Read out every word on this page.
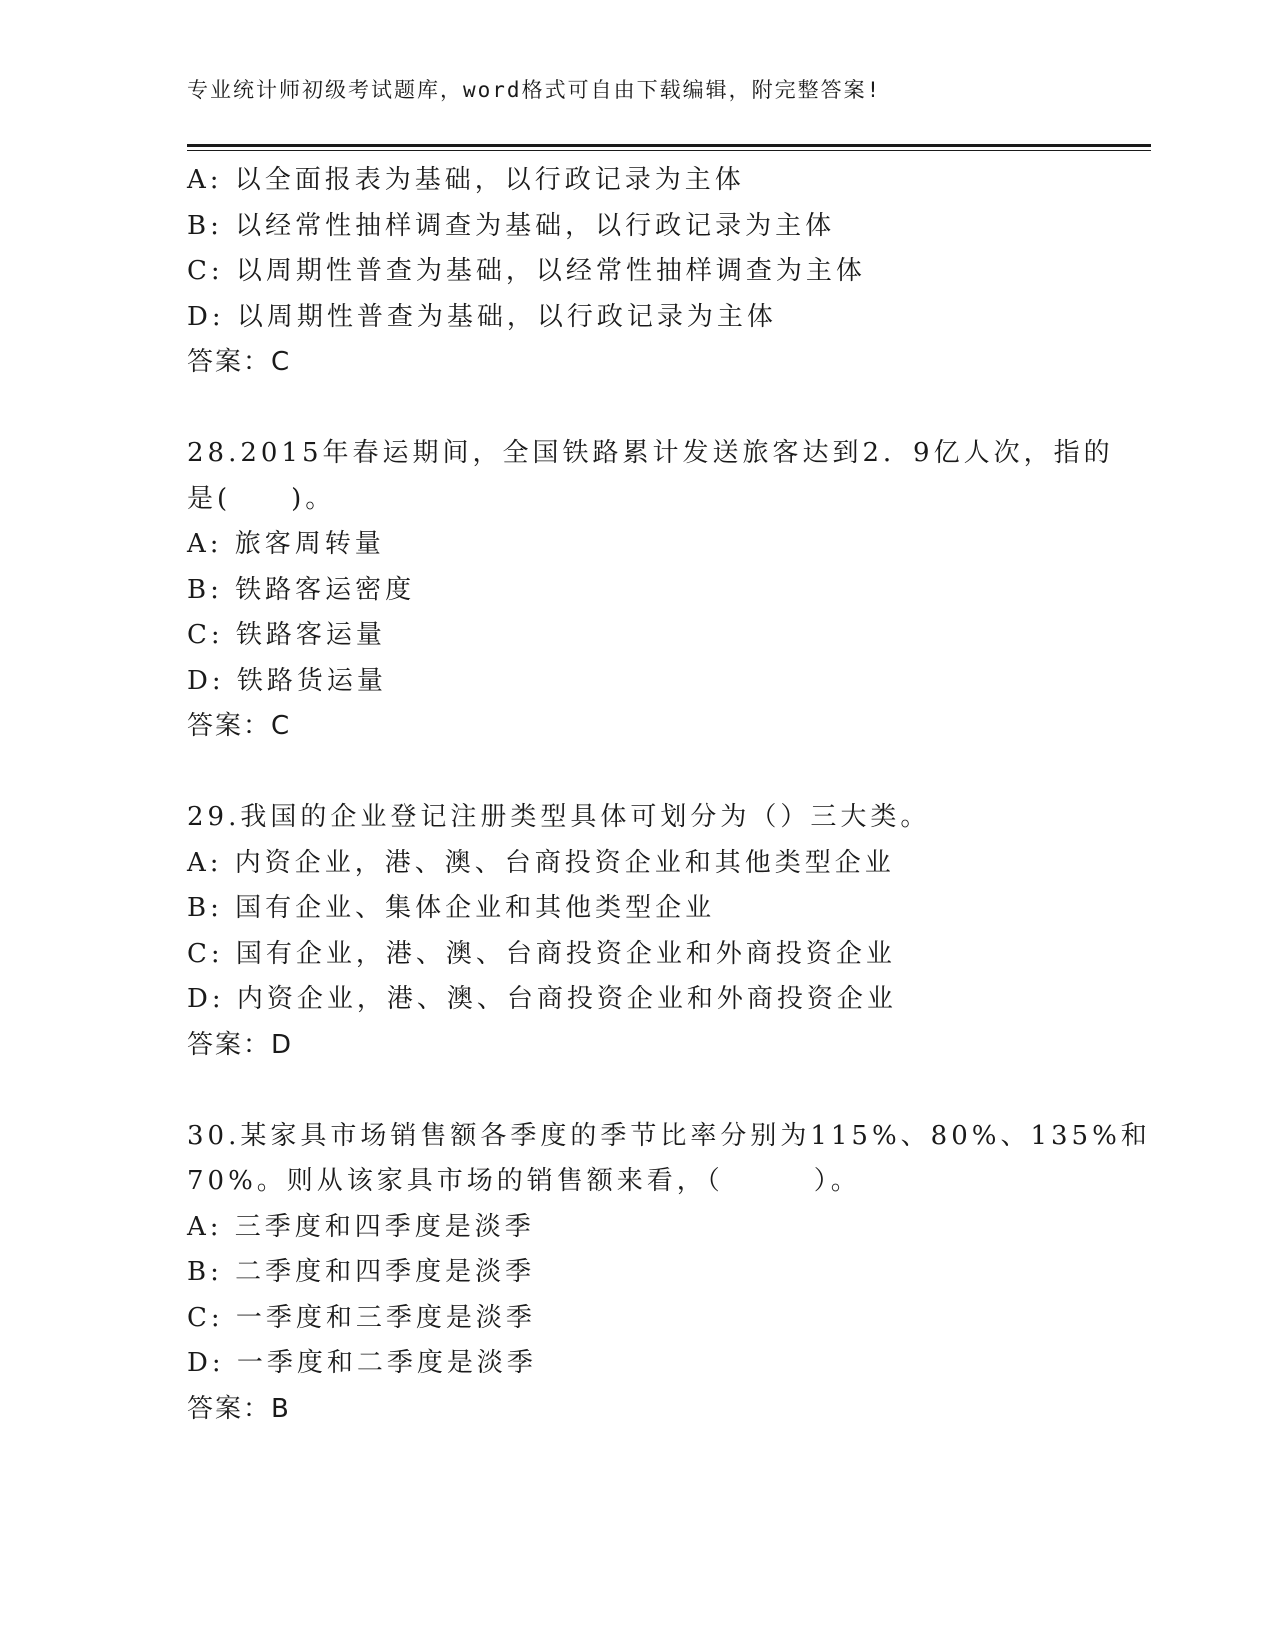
专业统计师初级考试题库，word格式可自由下载编辑，附完整答案!
A: 以全面报表为基础，以行政记录为主体
B: 以经常性抽样调查为基础，以行政记录为主体
C: 以周期性普查为基础，以经常性抽样调查为主体
D: 以周期性普查为基础，以行政记录为主体
答案：C
28.2015年春运期间，全国铁路累计发送旅客达到2．9亿人次，指的
是(　　)。
A: 旅客周转量
B: 铁路客运密度
C: 铁路客运量
D: 铁路货运量
答案：C
29.我国的企业登记注册类型具体可划分为（）三大类。
A: 内资企业，港、澳、台商投资企业和其他类型企业
B: 国有企业、集体企业和其他类型企业
C: 国有企业，港、澳、台商投资企业和外商投资企业
D: 内资企业，港、澳、台商投资企业和外商投资企业
答案：D
30.某家具市场销售额各季度的季节比率分别为115%、80%、135%和
70%。则从该家具市场的销售额来看，（　　　）。
A: 三季度和四季度是淡季
B: 二季度和四季度是淡季
C: 一季度和三季度是淡季
D: 一季度和二季度是淡季
答案：B
